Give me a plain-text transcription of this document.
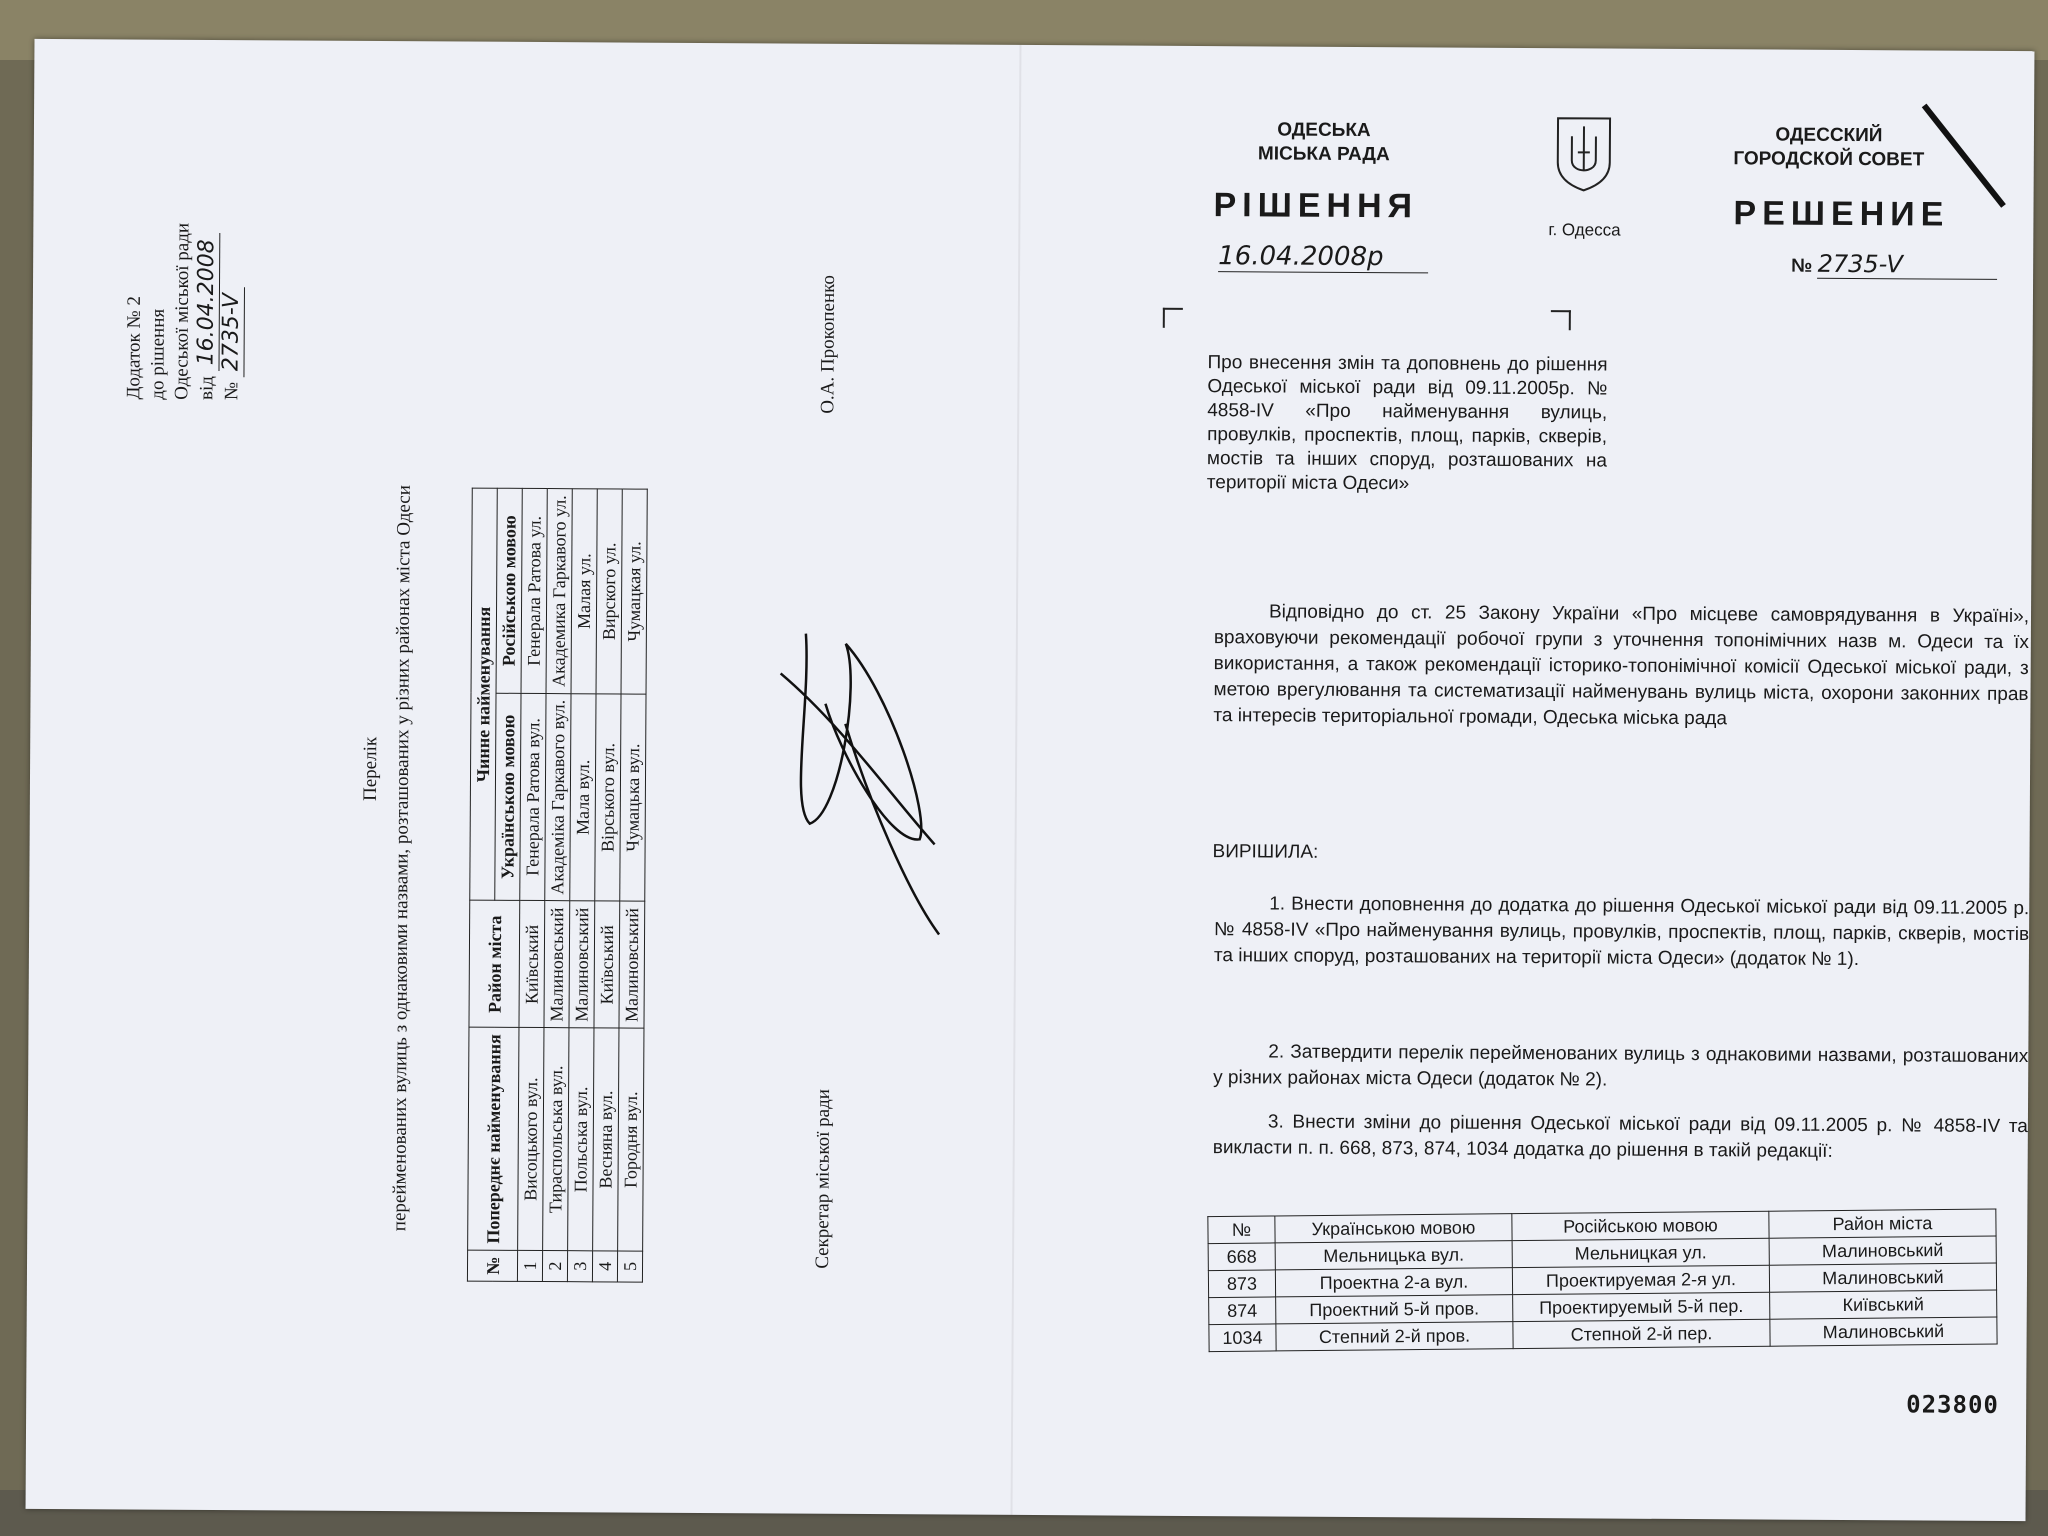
Додаток № 2 до рішення Одеської міської ради від 16.04.2008
№ 2735-V
Перелік перейменованих вулиць з однаковими назвами, розташованих у різних районах міста Одеси
№	Попереднє найменування	Район міста	Чинне найменування	
			Українською мовою	Російською мовою
1	Висоцького вул.	Київський	Генерала Ратова вул.	Генерала Ратова ул.
2	Тираспольська вул.	Малиновський	Академіка Гаркавого вул.	Академика Гаркавого ул.
3	Польська вул.	Малиновський	Мала вул.	Малая ул.
4	Весняна вул.	Київський	Вірського вул.	Вирского ул.
5	Городня вул.	Малиновський	Чумацька вул.	Чумацкая ул.
Секретар міської ради
О.А. Прокопенко
ОДЕСЬКА
МІСЬКА РАДА
ОДЕССКИЙ
ГОРОДСКОЙ СОВЕТ
РІШЕННЯ
г. Одесса	РЕШЕНИЕ
16.04.2008р	№ 2735-V
Про внесення змін та доповнень до рішення Одеської міської ради від 09.11.2005р. № 4858-IV «Про найменування вулиць, провулків, проспектів, площ, парків, скверів, мостів та інших споруд, розташованих на території міста Одеси»
Відповідно до ст. 25 Закону України «Про місцеве самоврядування в Україні», враховуючи рекомендації робочої групи з уточнення топонімічних назв м. Одеси та їх використання, а також рекомендації історико-топонімічної комісії Одеської міської ради, з метою врегулювання та систематизації найменувань вулиць міста, охорони законних прав та інтересів територіальної громади, Одеська міська рада
ВИРІШИЛА:
1. Внести доповнення до додатка до рішення Одеської міської ради від 09.11.2005 р. № 4858-IV «Про найменування вулиць, провулків, проспектів, площ, парків, скверів, мостів та інших споруд, розташованих на території міста Одеси» (додаток № 1).
2. Затвердити перелік перейменованих вулиць з однаковими назвами, розташованих у різних районах міста Одеси (додаток № 2).
3. Внести зміни до рішення Одеської міської ради від 09.11.2005 р. № 4858-IV та викласти п. п. 668, 873, 874, 1034 додатка до рішення в такій редакції:
№	Українською мовою	Російською мовою	Район міста
668	Мельницька вул.	Мельницкая ул.	Малиновський
873	Проектна 2-а вул.	Проектируемая 2-я ул.	Малиновський
874	Проектний 5-й пров.	Проектируемый 5-й пер.	Київський
1034	Степний 2-й пров.	Степной 2-й пер.	Малиновський
023800
